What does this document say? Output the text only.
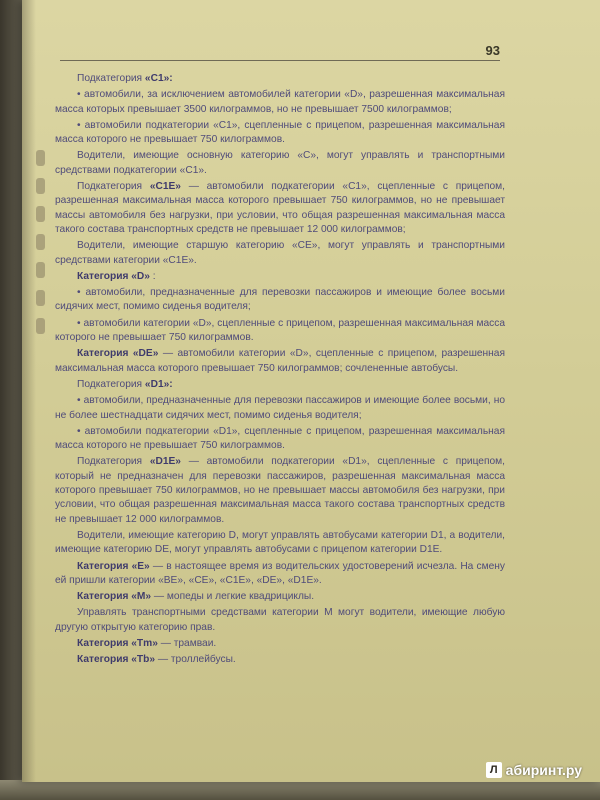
93

Подкатегория «C1»:

• автомобили, за исключением автомобилей категории «D», разрешенная максимальная масса которых превышает 3500 килограммов, но не превышает 7500 килограммов;

• автомобили подкатегории «C1», сцепленные с прицепом, разрешенная максимальная масса которого не превышает 750 килограммов.

Водители, имеющие основную категорию «C», могут управлять и транспортными средствами подкатегории «C1».

Подкатегория «C1E» — автомобили подкатегории «C1», сцепленные с прицепом, разрешенная максимальная масса которого превышает 750 килограммов, но не превышает массы автомобиля без нагрузки, при условии, что общая разрешенная максимальная масса такого состава транспортных средств не превышает 12 000 килограммов;

Водители, имеющие старшую категорию «CE», могут управлять и транспортными средствами категории «C1E».

Категория «D» :

• автомобили, предназначенные для перевозки пассажиров и имеющие более восьми сидячих мест, помимо сиденья водителя;

• автомобили категории «D», сцепленные с прицепом, разрешенная максимальная масса которого не превышает 750 килограммов.

Категория «DE» — автомобили категории «D», сцепленные с прицепом, разрешенная максимальная масса которого превышает 750 килограммов; сочлененные автобусы.

Подкатегория «D1»:

• автомобили, предназначенные для перевозки пассажиров и имеющие более восьми, но не более шестнадцати сидячих мест, помимо сиденья водителя;

• автомобили подкатегории «D1», сцепленные с прицепом, разрешенная максимальная масса которого не превышает 750 килограммов.

Подкатегория «D1E» — автомобили подкатегории «D1», сцепленные с прицепом, который не предназначен для перевозки пассажиров, разрешенная максимальная масса которого превышает 750 килограммов, но не превышает массы автомобиля без нагрузки, при условии, что общая разрешенная максимальная масса такого состава транспортных средств не превышает 12 000 килограммов.

Водители, имеющие категорию D, могут управлять автобусами категории D1, а водители, имеющие категорию DE, могут управлять автобусами с прицепом категории D1E.

Категория «E» — в настоящее время из водительских удостоверений исчезла. На смену ей пришли категории «BE», «CE», «C1E», «DE», «D1E».

Категория «M» — мопеды и легкие квадрициклы.

Управлять транспортными средствами категории M могут водители, имеющие любую другую открытую категорию прав.

Категория «Tm» — трамваи.

Категория «Tb» — троллейбусы.

Л абиринт.ру
